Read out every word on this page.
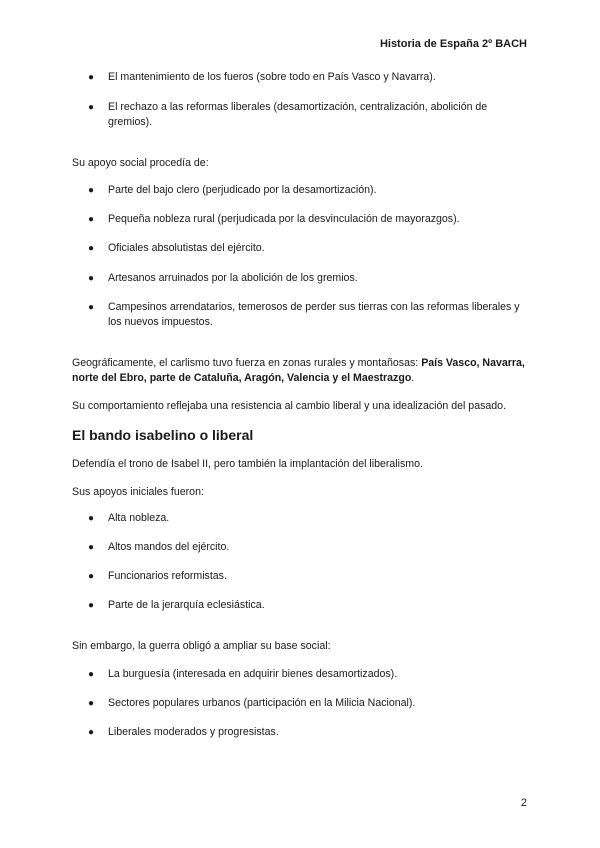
Historia de España 2º BACH
●	El mantenimiento de los fueros (sobre todo en País Vasco y Navarra).
●	El rechazo a las reformas liberales (desamortización, centralización, abolición de gremios).
Su apoyo social procedía de:
●	Parte del bajo clero (perjudicado por la desamortización).
●	Pequeña nobleza rural (perjudicada por la desvinculación de mayorazgos).
●	Oficiales absolutistas del ejército.
●	Artesanos arruinados por la abolición de los gremios.
●	Campesinos arrendatarios, temerosos de perder sus tierras con las reformas liberales y los nuevos impuestos.
Geográficamente, el carlismo tuvo fuerza en zonas rurales y montañosas: País Vasco, Navarra, norte del Ebro, parte de Cataluña, Aragón, Valencia y el Maestrazgo.
Su comportamiento reflejaba una resistencia al cambio liberal y una idealización del pasado.
El bando isabelino o liberal
Defendía el trono de Isabel II, pero también la implantación del liberalismo.
Sus apoyos iniciales fueron:
●	Alta nobleza.
●	Altos mandos del ejército.
●	Funcionarios reformistas.
●	Parte de la jerarquía eclesiástica.
Sin embargo, la guerra obligó a ampliar su base social:
●	La burguesía (interesada en adquirir bienes desamortizados).
●	Sectores populares urbanos (participación en la Milicia Nacional).
●	Liberales moderados y progresistas.
2
